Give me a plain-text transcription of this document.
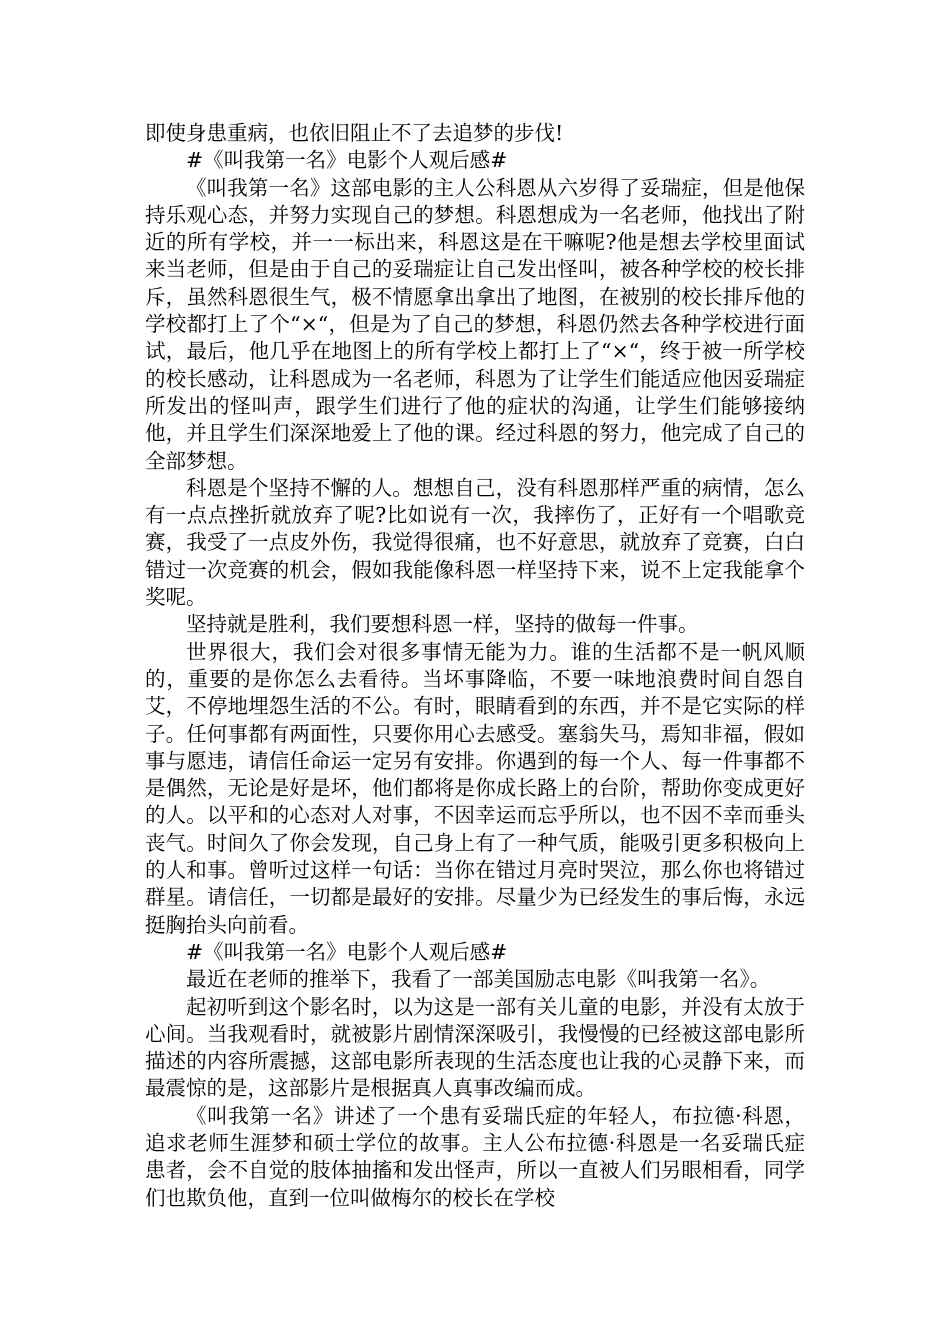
即使身患重病，也依旧阻止不了去追梦的步伐!

#《叫我第一名》电影个人观后感#

《叫我第一名》这部电影的主人公科恩从六岁得了妥瑞症，但是他保持乐观心态，并努力实现自己的梦想。科恩想成为一名老师，他找出了附近的所有学校，并一一标出来，科恩这是在干嘛呢?他是想去学校里面试来当老师，但是由于自己的妥瑞症让自己发出怪叫，被各种学校的校长排斥，虽然科恩很生气，极不情愿拿出拿出了地图，在被别的校长排斥他的学校都打上了个“×“，但是为了自己的梦想，科恩仍然去各种学校进行面试，最后，他几乎在地图上的所有学校上都打上了“×“，终于被一所学校的校长感动，让科恩成为一名老师，科恩为了让学生们能适应他因妥瑞症所发出的怪叫声，跟学生们进行了他的症状的沟通，让学生们能够接纳他，并且学生们深深地爱上了他的课。经过科恩的努力，他完成了自己的全部梦想。

科恩是个坚持不懈的人。想想自己，没有科恩那样严重的病情，怎么有一点点挫折就放弃了呢?比如说有一次，我摔伤了，正好有一个唱歌竞赛，我受了一点皮外伤，我觉得很痛，也不好意思，就放弃了竞赛，白白错过一次竞赛的机会，假如我能像科恩一样坚持下来，说不上定我能拿个奖呢。

坚持就是胜利，我们要想科恩一样，坚持的做每一件事。

世界很大，我们会对很多事情无能为力。谁的生活都不是一帆风顺的，重要的是你怎么去看待。当坏事降临，不要一味地浪费时间自怨自艾，不停地埋怨生活的不公。有时，眼睛看到的东西，并不是它实际的样子。任何事都有两面性，只要你用心去感受。塞翁失马，焉知非福，假如事与愿违，请信任命运一定另有安排。你遇到的每一个人、每一件事都不是偶然，无论是好是坏，他们都将是你成长路上的台阶，帮助你变成更好的人。以平和的心态对人对事，不因幸运而忘乎所以，也不因不幸而垂头丧气。时间久了你会发现，自己身上有了一种气质，能吸引更多积极向上的人和事。曾听过这样一句话：当你在错过月亮时哭泣，那么你也将错过群星。请信任，一切都是最好的安排。尽量少为已经发生的事后悔，永远挺胸抬头向前看。

#《叫我第一名》电影个人观后感#

最近在老师的推举下，我看了一部美国励志电影《叫我第一名》。

起初听到这个影名时，以为这是一部有关儿童的电影，并没有太放于心间。当我观看时，就被影片剧情深深吸引，我慢慢的已经被这部电影所描述的内容所震撼，这部电影所表现的生活态度也让我的心灵静下来，而最震惊的是，这部影片是根据真人真事改编而成。

《叫我第一名》讲述了一个患有妥瑞氏症的年轻人，布拉德·科恩，追求老师生涯梦和硕士学位的故事。主人公布拉德·科恩是一名妥瑞氏症患者，会不自觉的肢体抽搐和发出怪声，所以一直被人们另眼相看，同学们也欺负他，直到一位叫做梅尔的校长在学校
